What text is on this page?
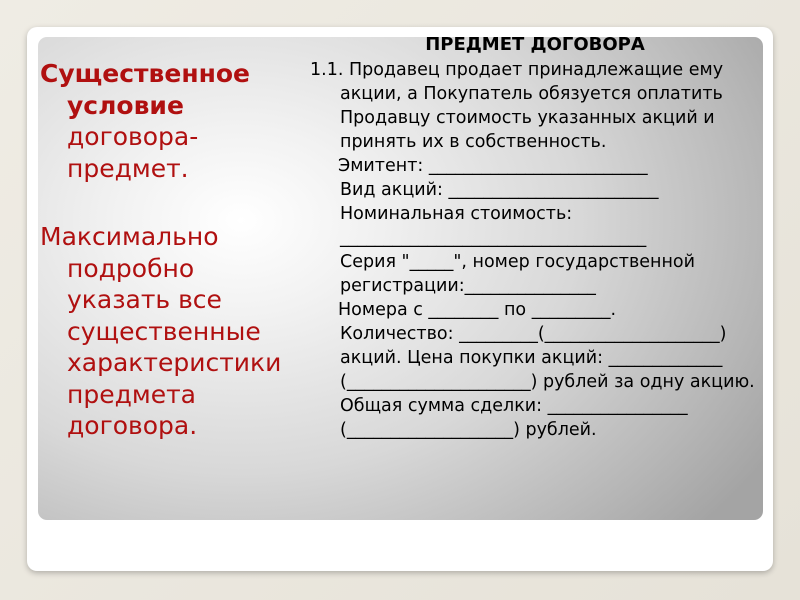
Существенное условие договора- предмет.

Максимально подробно указать все существенные характеристики предмета договора.

ПРЕДМЕТ ДОГОВОРА

1.1. Продавец продает принадлежащие ему акции, а Покупатель обязуется оплатить Продавцу стоимость указанных акций и принять их в собственность.

Эмитент: _________________________

Вид акций: ________________________

Номинальная стоимость: ___________________________________

Серия "_____", номер государственной регистрации:_______________

Номера с ________ по _________.

Количество: _________(____________________) акций. Цена покупки акций: _____________ (_____________________) рублей за одну акцию. Общая сумма сделки: ________________ (___________________) рублей.
